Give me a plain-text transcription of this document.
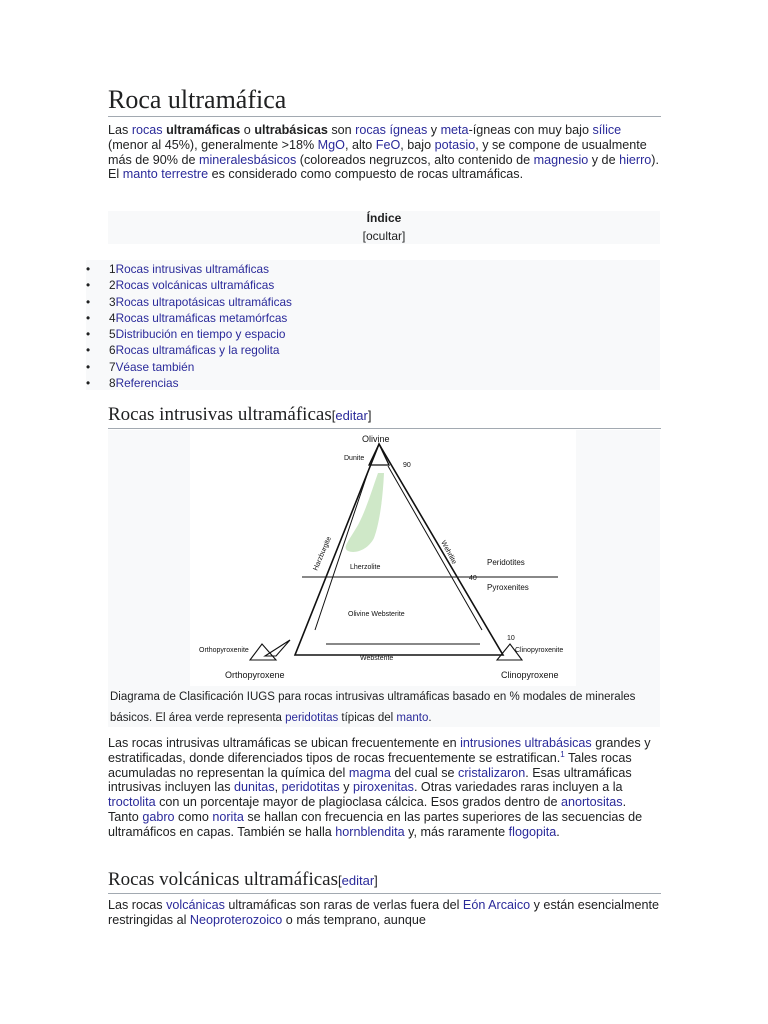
Roca ultramáfica

Las rocas ultramáficas o ultrabásicas son rocas ígneas y meta-ígneas con muy bajo sílice (menor al 45%), generalmente >18% MgO, alto FeO, bajo potasio, y se compone de usualmente más de 90% de mineralesbásicos (coloreados negruzcos, alto contenido de magnesio y de hierro). El manto terrestre es considerado como compuesto de rocas ultramáficas.

Índice
[ocultar]
• 1Rocas intrusivas ultramáficas
• 2Rocas volcánicas ultramáficas
• 3Rocas ultrapotásicas ultramáficas
• 4Rocas ultramáficas metamórfcas
• 5Distribución en tiempo y espacio
• 6Rocas ultramáficas y la regolita
• 7Véase también
• 8Referencias
Rocas intrusivas ultramáficas[editar]
Olivine
Dunite
90
Harzburgite	Wehrlite
Lherzolite
Peridotites
40
Pyroxenites
Olivine Websterite
10
Orthopyroxenite	Clinopyroxenite
Websterite
Orthopyroxene	Clinopyroxene

Diagrama de Clasificación IUGS para rocas intrusivas ultramáficas basado en % modales de minerales básicos. El área verde representa peridotitas típicas del manto.

Las rocas intrusivas ultramáficas se ubican frecuentemente en intrusiones ultrabásicas grandes y estratificadas, donde diferenciados tipos de rocas frecuentemente se estratifican.$^1$ Tales rocas acumuladas no representan la química del magma del cual se cristalizaron. Esas ultramáficas intrusivas incluyen las dunitas, peridotitas y piroxenitas. Otras variedades raras incluyen a la troctolita con un porcentaje mayor de plagioclasa cálcica. Esos grados dentro de anortositas. Tanto gabro como norita se hallan con frecuencia en las partes superiores de las secuencias de ultramáficos en capas. También se halla hornblendita y, más raramente flogopita.

Rocas volcánicas ultramáficas[editar]

Las rocas volcánicas ultramáficas son raras de verlas fuera del Eón Arcaico y están esencialmente restringidas al Neoproterozoico o más temprano, aunque
